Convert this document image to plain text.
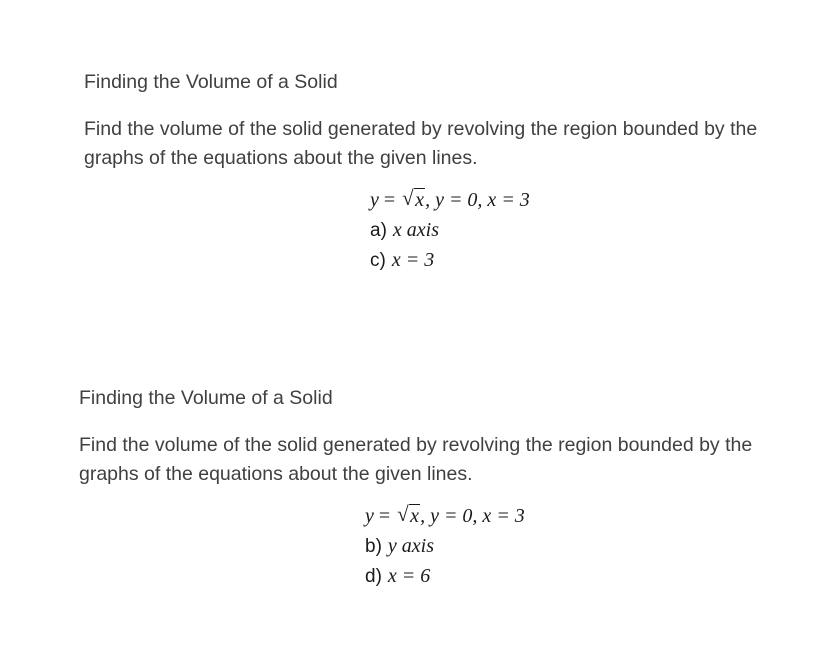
Finding the Volume of a Solid

Find the volume of the solid generated by revolving the region bounded by the graphs of the equations about the given lines.

y = √ x, y = 0, x = 3
a) x axis
c) x = 3
Finding the Volume of a Solid

Find the volume of the solid generated by revolving the region bounded by the graphs of the equations about the given lines.

y = √ x, y = 0, x = 3
b) y axis
d) x = 6
